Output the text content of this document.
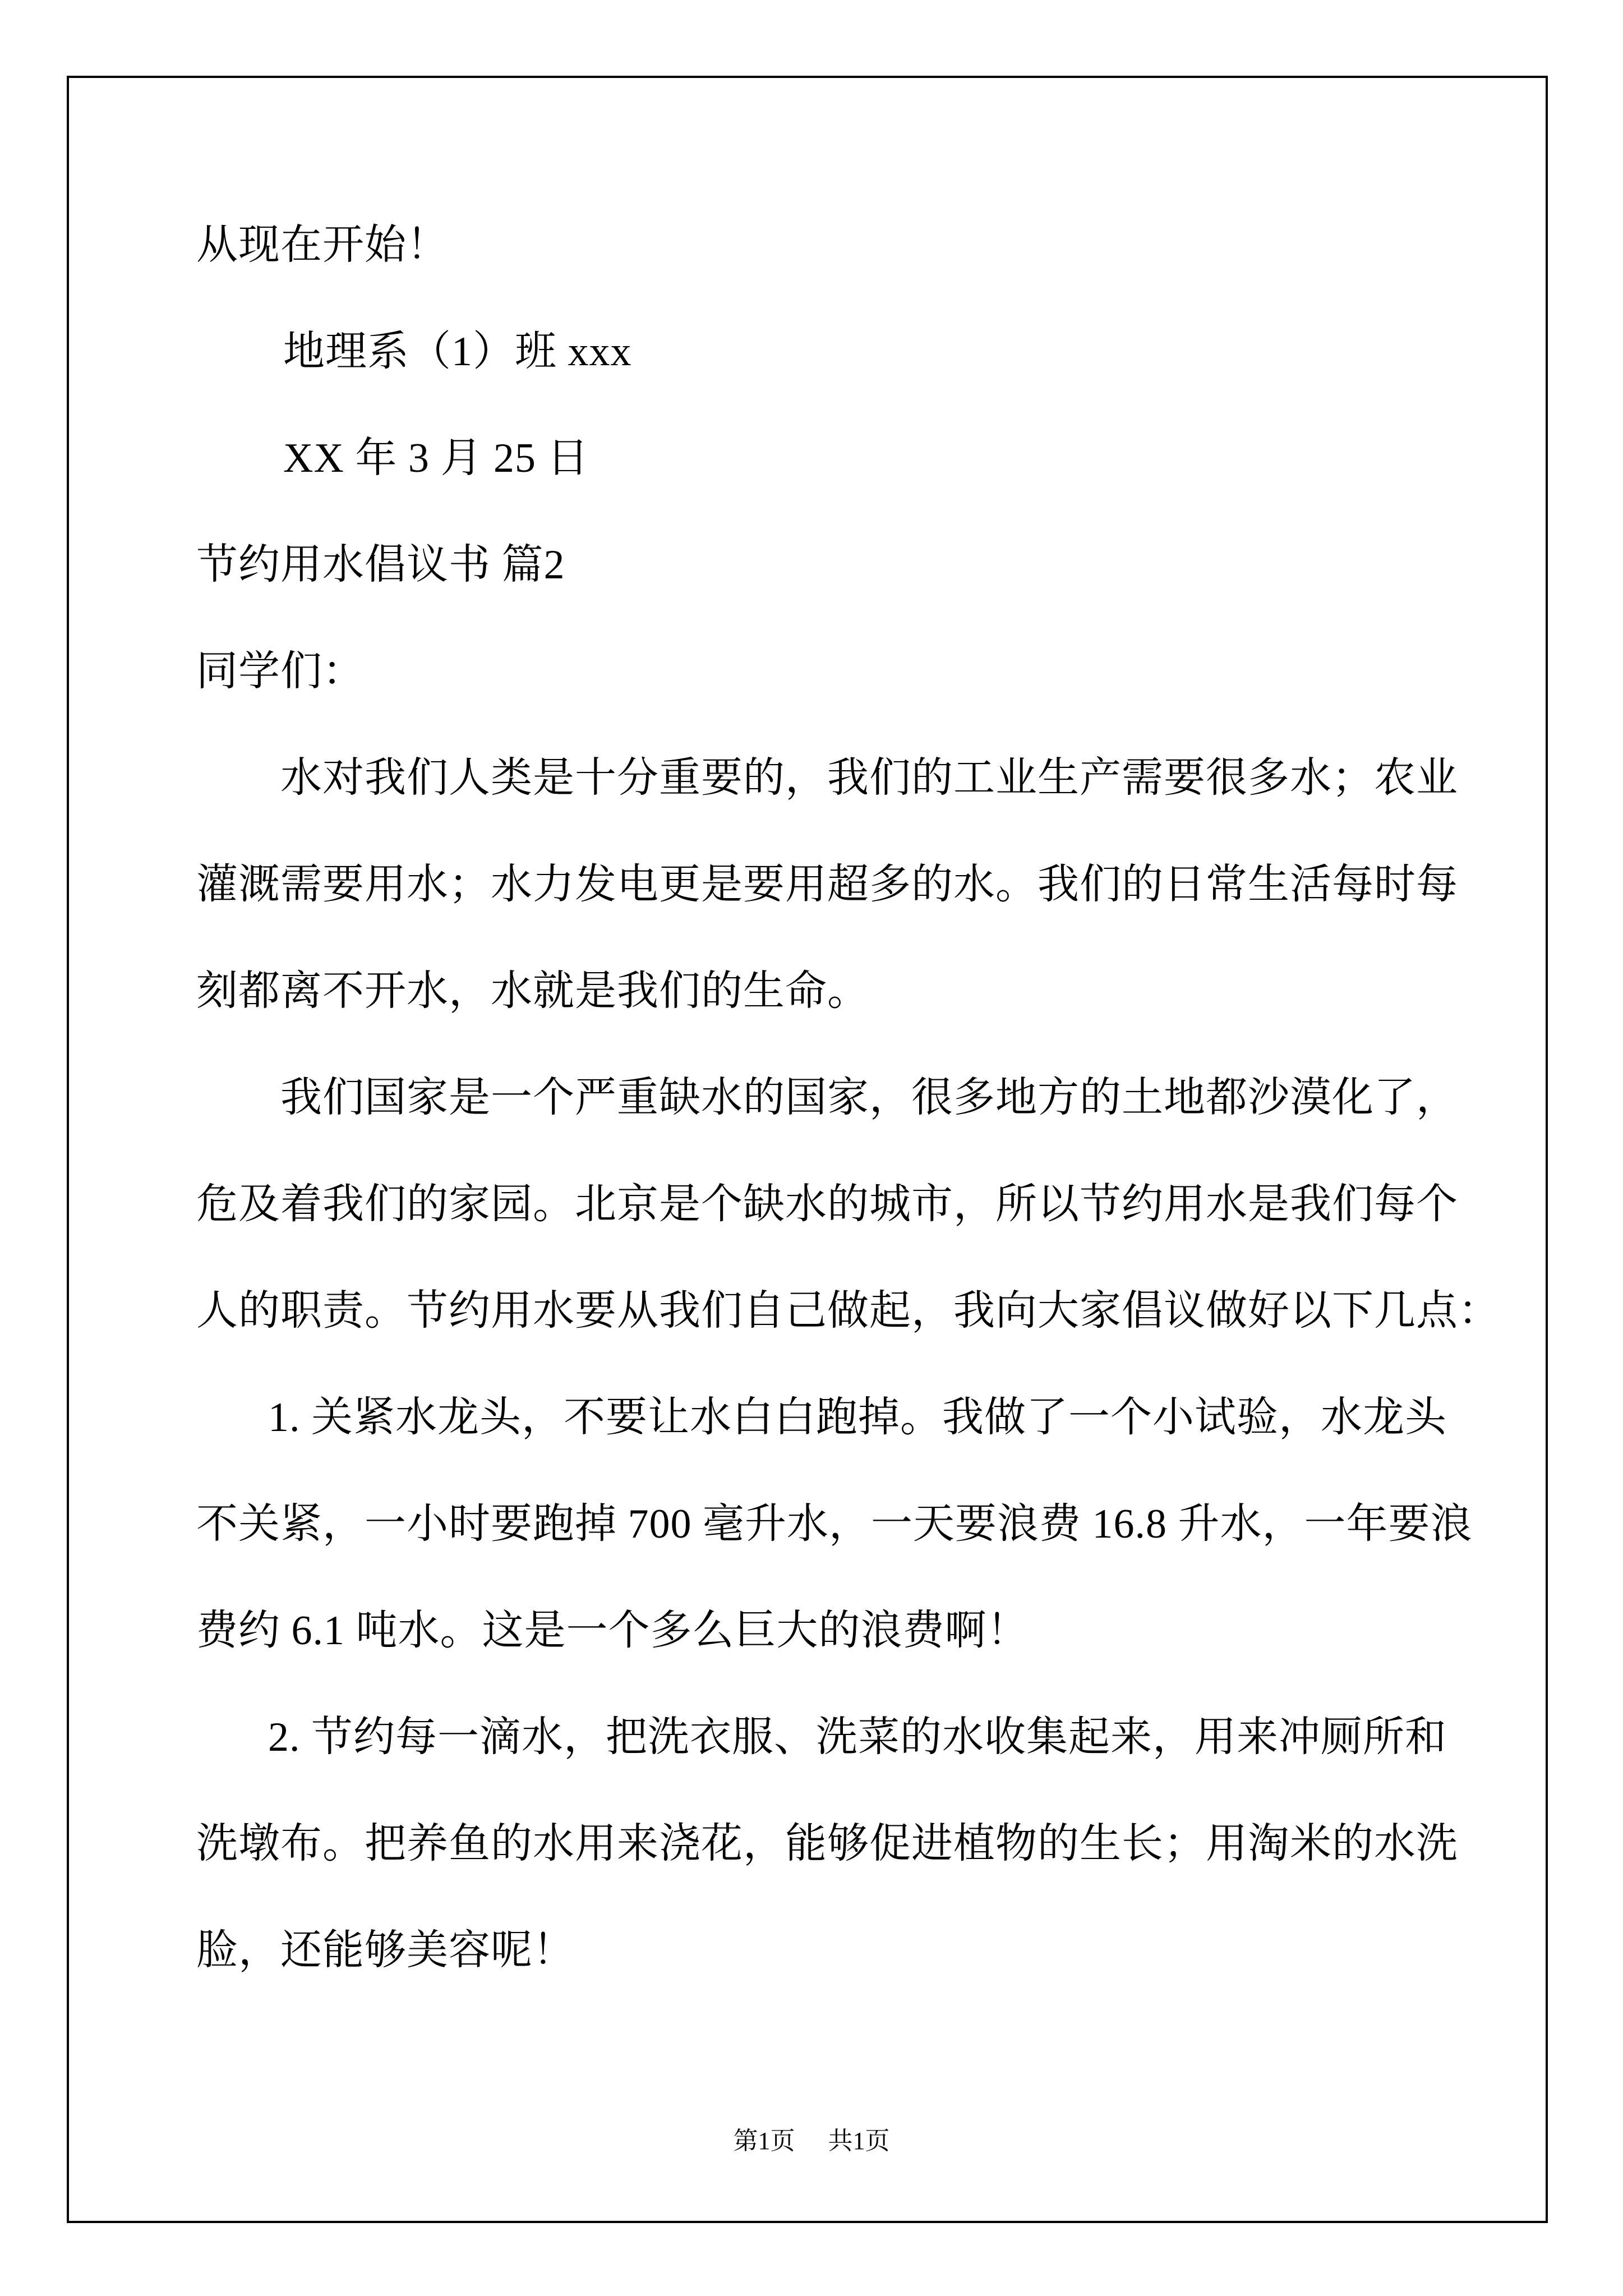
从现在开始！
地理系（1）班 xxx
XX 年 3 月 25 日
节约用水倡议书 篇2
同学们：
水对我们人类是十分重要的，我们的工业生产需要很多水；农业
灌溉需要用水；水力发电更是要用超多的水。我们的日常生活每时每
刻都离不开水，水就是我们的生命。
我们国家是一个严重缺水的国家，很多地方的土地都沙漠化了，
危及着我们的家园。北京是个缺水的城市，所以节约用水是我们每个
人的职责。节约用水要从我们自己做起，我向大家倡议做好以下几点：
1. 关紧水龙头，不要让水白白跑掉。我做了一个小试验，水龙头
不关紧，一小时要跑掉 700 毫升水，一天要浪费 16.8 升水，一年要浪
费约 6.1 吨水。这是一个多么巨大的浪费啊！
2. 节约每一滴水，把洗衣服、洗菜的水收集起来，用来冲厕所和
洗墩布。把养鱼的水用来浇花，能够促进植物的生长；用淘米的水洗
脸，还能够美容呢！
第1页 共1页
